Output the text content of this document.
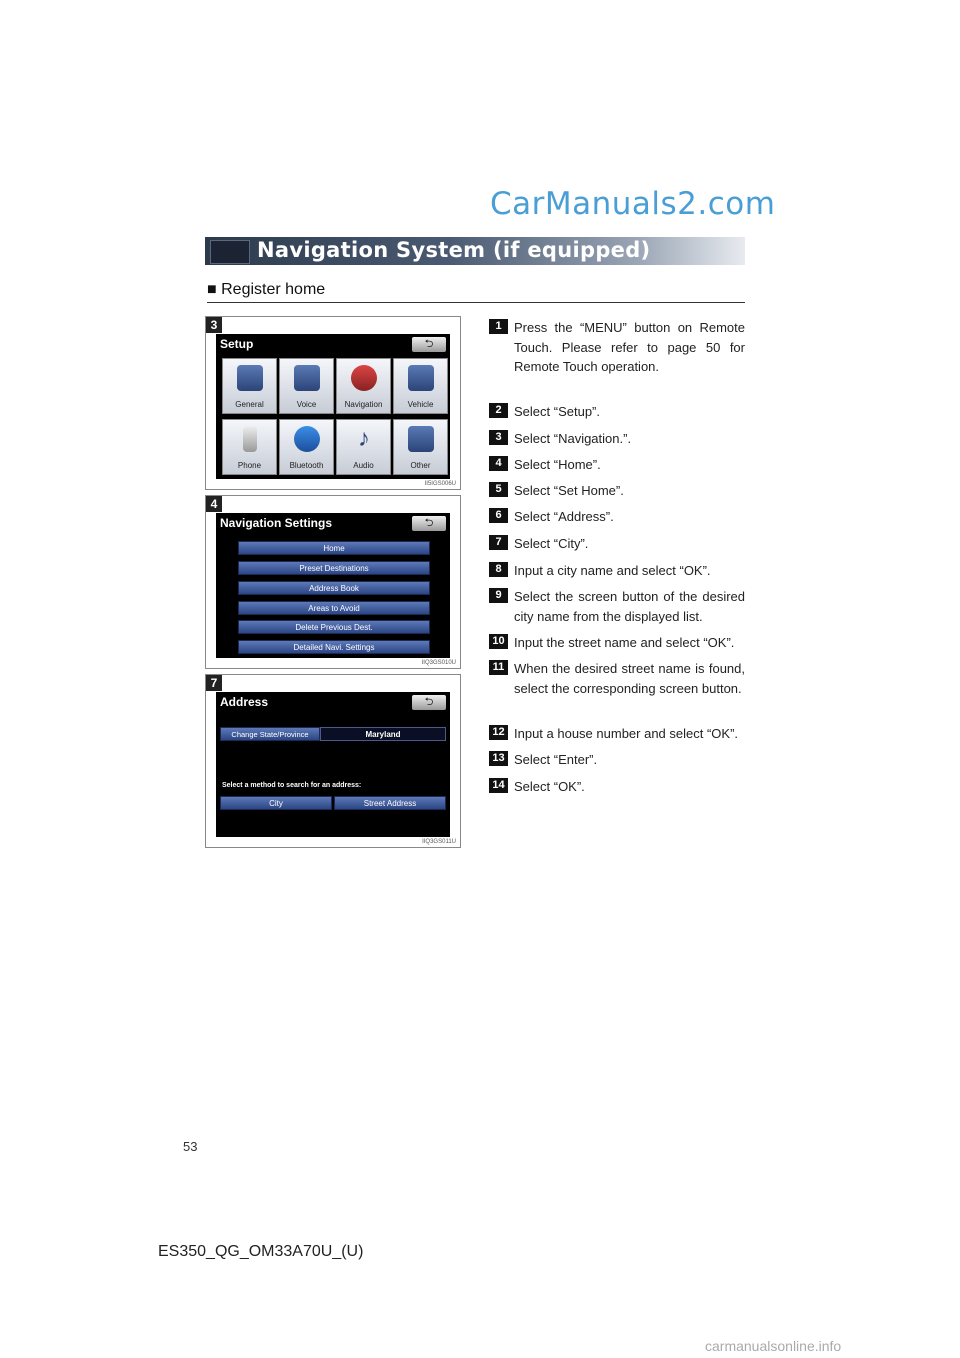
CarManuals2.com
Navigation System (if equipped)
■ Register home
3
Setup	⮌
General	Voice	Navigation	Vehicle
Phone	Bluetooth
♪
Audio	Other
II5IGS006U
4
Navigation Settings	⮌
Home
Preset Destinations
Address Book
Areas to Avoid
Delete Previous Dest.
Detailed Navi. Settings
IIQ3GS010U
7
Address	⮌
Change State/Province	Maryland
Select a method to search for an address:
City	Street Address
IIQ3GS011U
1 Press the “MENU” button on Remote Touch. Please refer to page 50 for Remote Touch operation.
2 Select “Setup”.
3 Select “Navigation.”.
4 Select “Home”.
5 Select “Set Home”.
6 Select “Address”.
7 Select “City”.
8 Input a city name and select “OK”.
9 Select the screen button of the desired city name from the displayed list.
10 Input the street name and select “OK”.
11 When the desired street name is found, select the corresponding screen button.
12 Input a house number and select “OK”.
13 Select “Enter”.
14 Select “OK”.
53
ES350_QG_OM33A70U_(U)
carmanualsonline.info
